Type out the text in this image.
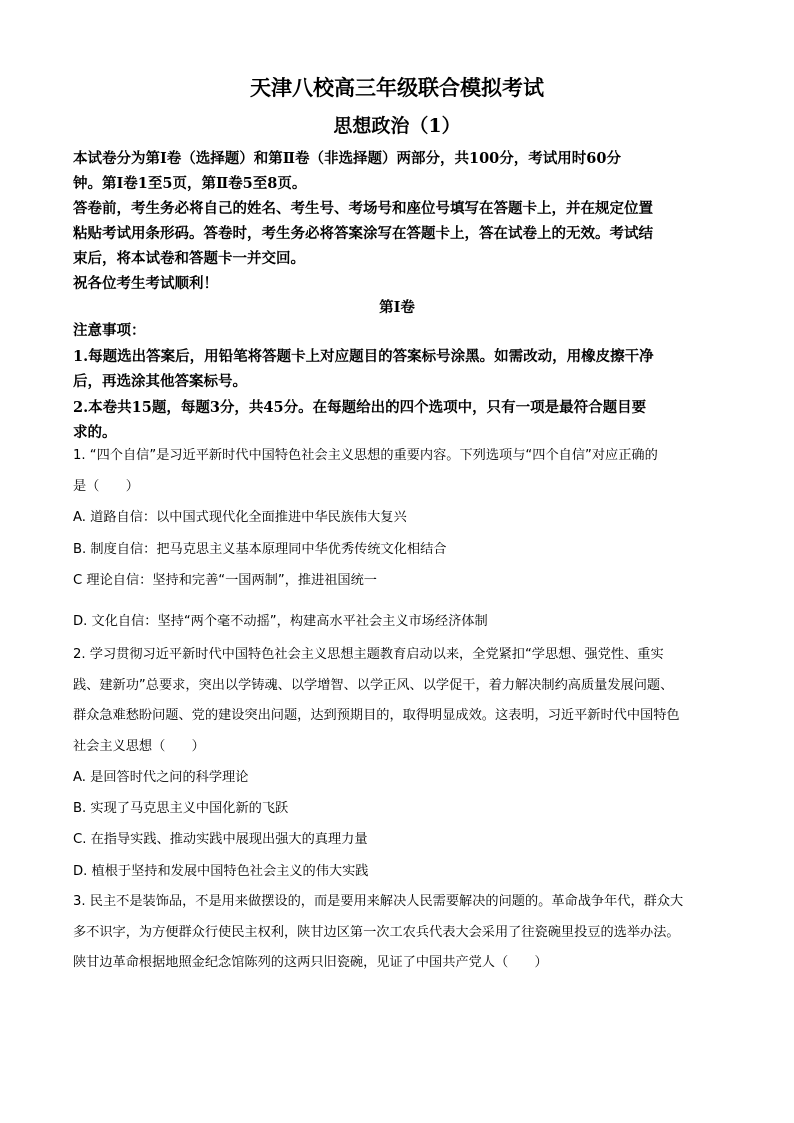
天津八校高三年级联合模拟考试
思想政治（1）

本试卷分为第Ⅰ卷（选择题）和第Ⅱ卷（非选择题）两部分，共100分，考试用时60分

钟。第Ⅰ卷1至5页，第Ⅱ卷5至8页。

答卷前，考生务必将自己的姓名、考生号、考场号和座位号填写在答题卡上，并在规定位置

粘贴考试用条形码。答卷时，考生务必将答案涂写在答题卡上，答在试卷上的无效。考试结

束后，将本试卷和答题卡一并交回。

祝各位考生考试顺利！

第Ⅰ卷

注意事项：

1.每题选出答案后，用铅笔将答题卡上对应题目的答案标号涂黑。如需改动，用橡皮擦干净

后，再选涂其他答案标号。

2.本卷共15题，每题3分，共45分。在每题给出的四个选项中，只有一项是最符合题目要

求的。

1. “四个自信”是习近平新时代中国特色社会主义思想的重要内容。下列选项与“四个自信”对应正确的

是（　　）

A. 道路自信：以中国式现代化全面推进中华民族伟大复兴
B. 制度自信：把马克思主义基本原理同中华优秀传统文化相结合
C 理论自信：坚持和完善“一国两制”，推进祖国统一
D. 文化自信：坚持“两个毫不动摇”，构建高水平社会主义市场经济体制

2. 学习贯彻习近平新时代中国特色社会主义思想主题教育启动以来，全党紧扣“学思想、强党性、重实

践、建新功”总要求，突出以学铸魂、以学增智、以学正风、以学促干，着力解决制约高质量发展问题、

群众急难愁盼问题、党的建设突出问题，达到预期目的，取得明显成效。这表明，习近平新时代中国特色

社会主义思想（　　）

A. 是回答时代之问的科学理论
B. 实现了马克思主义中国化新的飞跃
C. 在指导实践、推动实践中展现出强大的真理力量
D. 植根于坚持和发展中国特色社会主义的伟大实践

3. 民主不是装饰品，不是用来做摆设的，而是要用来解决人民需要解决的问题的。革命战争年代，群众大

多不识字，为方便群众行使民主权利，陕甘边区第一次工农兵代表大会采用了往瓷碗里投豆的选举办法。

陕甘边革命根据地照金纪念馆陈列的这两只旧瓷碗，见证了中国共产党人（　　）
